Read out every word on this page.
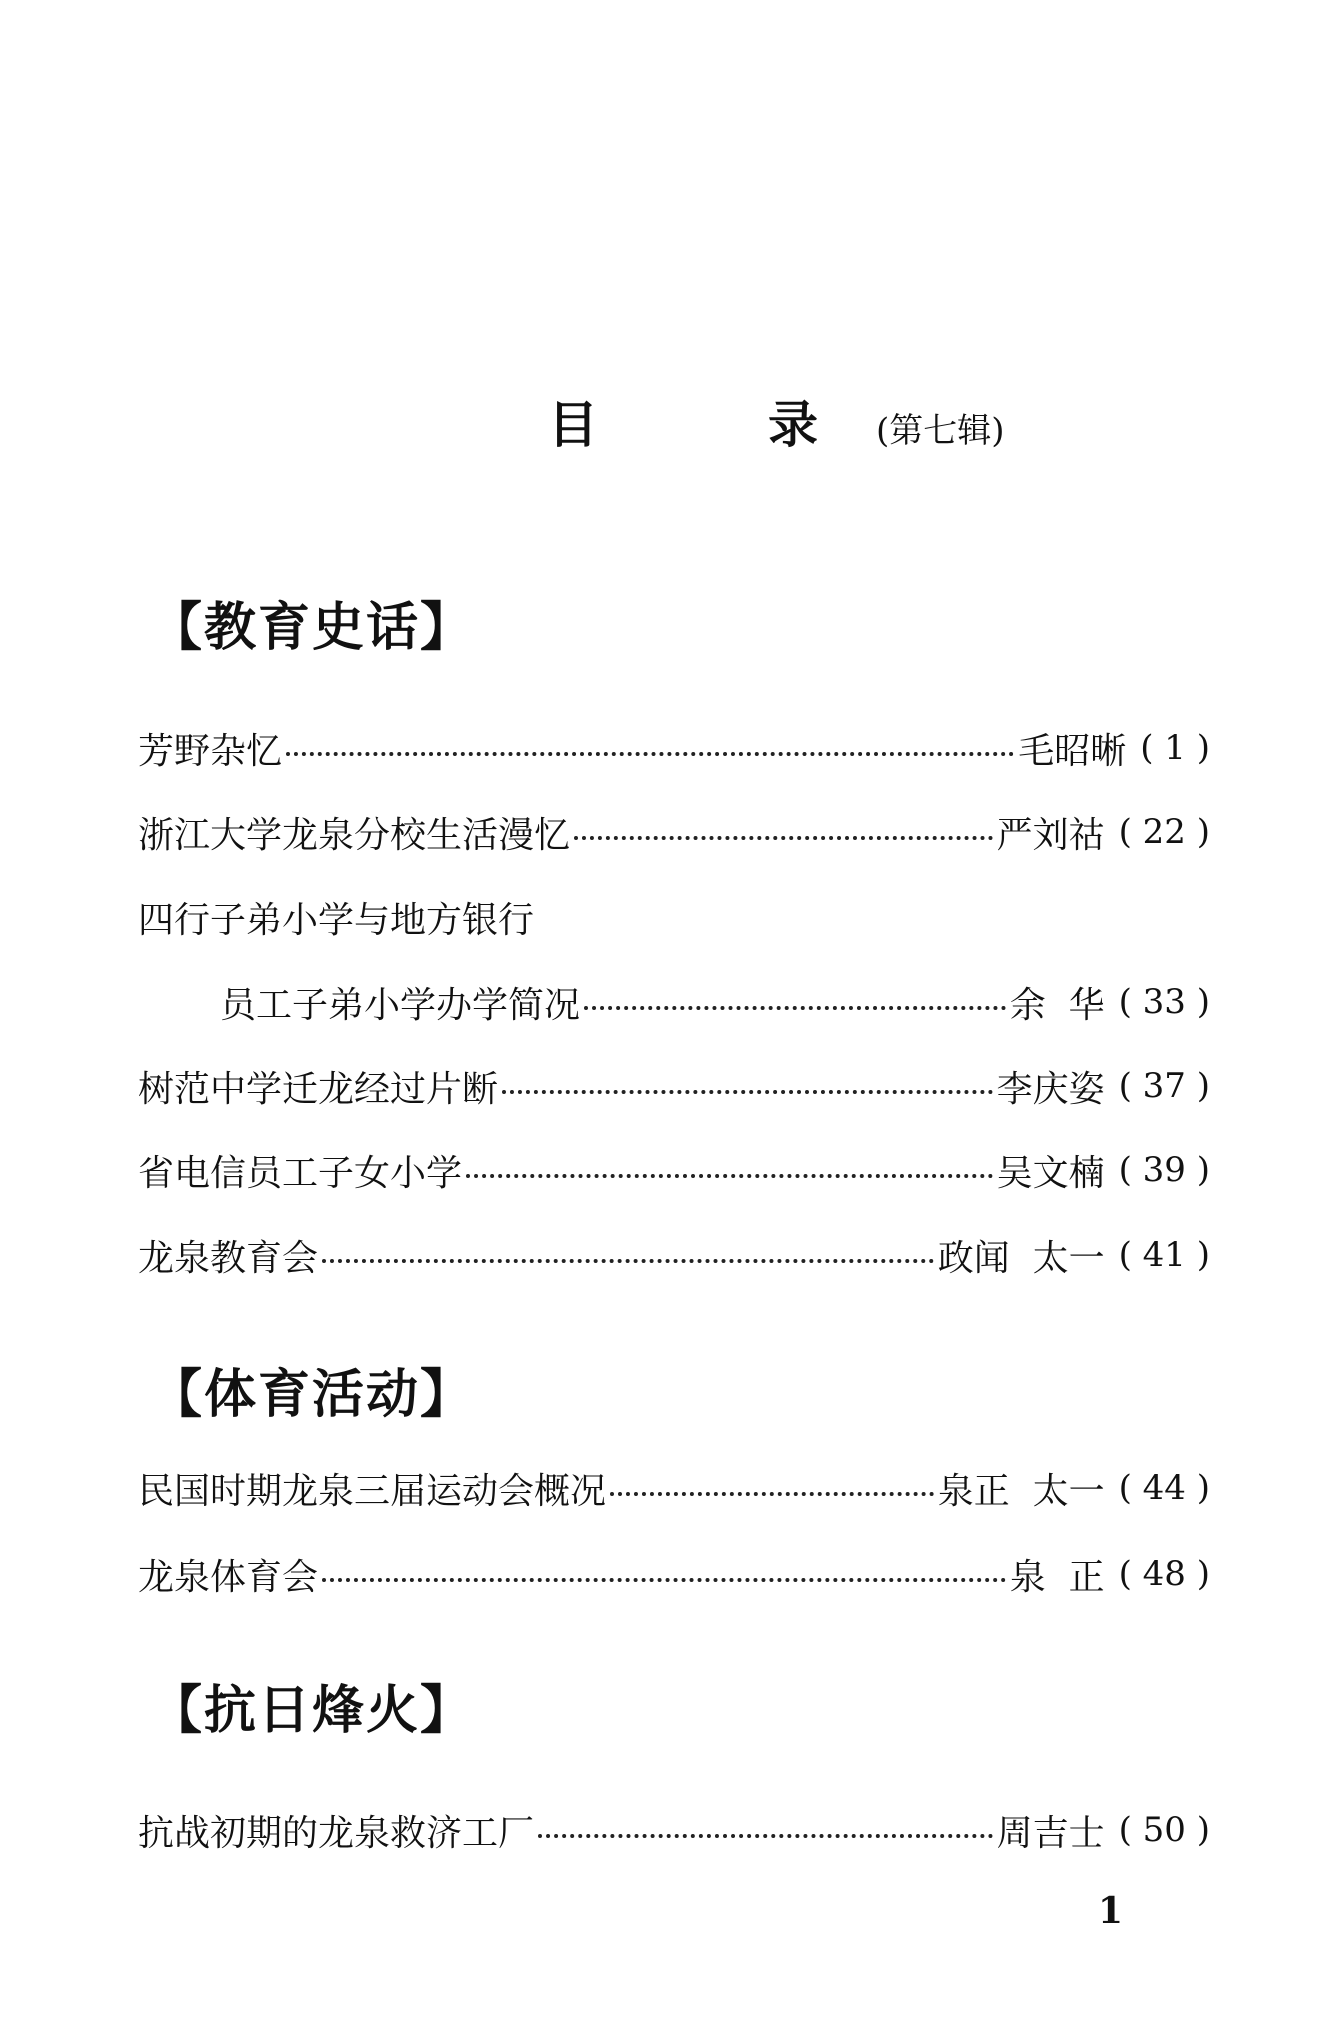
目	录 (第七辑)
【教育史话】
芳野杂忆	毛昭晰 ( 1 )
浙江大学龙泉分校生活漫忆	严刘祜 ( 22 )
四行子弟小学与地方银行
员工子弟小学办学简况	余  华 ( 33 )
树范中学迁龙经过片断	李庆姿 ( 37 )
省电信员工子女小学	吴文楠 ( 39 )
龙泉教育会	政闻  太一 ( 41 )
【体育活动】
民国时期龙泉三届运动会概况	泉正  太一 ( 44 )
龙泉体育会	泉  正 ( 48 )
【抗日烽火】
抗战初期的龙泉救济工厂	周吉士 ( 50 )
1
